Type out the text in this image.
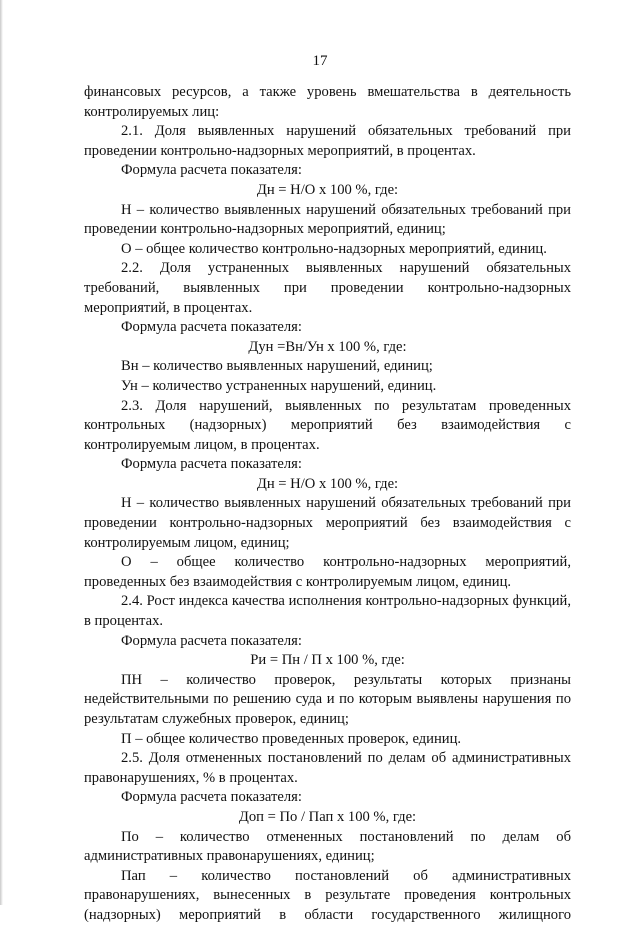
17

финансовых ресурсов, а также уровень вмешательства в деятельность контролируемых лиц:

2.1. Доля выявленных нарушений обязательных требований при проведении контрольно-надзорных мероприятий, в процентах.

Формула расчета показателя:

Дн = Н/О х 100 %, где:

Н – количество выявленных нарушений обязательных требований при проведении контрольно-надзорных мероприятий, единиц;

О – общее количество контрольно-надзорных мероприятий, единиц.

2.2. Доля устраненных выявленных нарушений обязательных требований, выявленных при проведении контрольно-надзорных мероприятий, в процентах.

Формула расчета показателя:

Дун =Вн/Ун х 100 %, где:

Вн – количество выявленных нарушений, единиц;

Ун – количество устраненных нарушений, единиц.

2.3. Доля нарушений, выявленных по результатам проведенных контрольных (надзорных) мероприятий без взаимодействия с контролируемым лицом, в процентах.

Формула расчета показателя:

Дн = Н/О х 100 %, где:

Н – количество выявленных нарушений обязательных требований при проведении контрольно-надзорных мероприятий без взаимодействия с контролируемым лицом, единиц;

О – общее количество контрольно-надзорных мероприятий, проведенных без взаимодействия с контролируемым лицом, единиц.

2.4. Рост индекса качества исполнения контрольно-надзорных функций, в процентах.

Формула расчета показателя:

Ри = Пн / П х 100 %, где:

ПН – количество проверок, результаты которых признаны недействительными по решению суда и по которым выявлены нарушения по результатам служебных проверок, единиц;

П – общее количество проведенных проверок, единиц.

2.5. Доля отмененных постановлений по делам об административных правонарушениях, % в процентах.

Формула расчета показателя:

Доп = По / Пап х 100 %, где:

По – количество отмененных постановлений по делам об административных правонарушениях, единиц;

Пап – количество постановлений об административных правонарушениях, вынесенных в результате проведения контрольных (надзорных) мероприятий в области государственного жилищного
